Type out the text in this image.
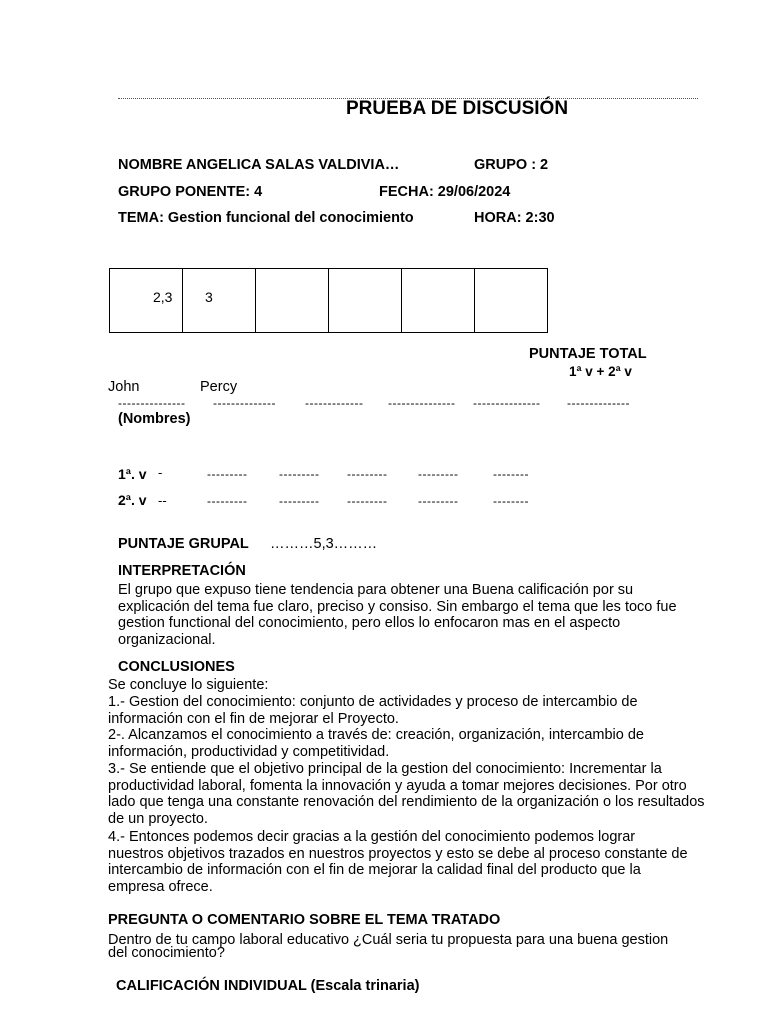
PRUEBA DE DISCUSIÓN
NOMBRE ANGELICA SALAS VALDIVIA…	GRUPO : 2
GRUPO PONENTE: 4	FECHA: 29/06/2024
TEMA: Gestion funcional del conocimiento	HORA: 2:30
2,3 3
PUNTAJE TOTAL
1ª v + 2ª v
John	Percy
--------------- -------------- ------------- --------------- --------------- --------------
(Nombres)
1ª. v -	---------	--------- ---------	---------	--------
2ª. v --	---------	--------- ---------	---------	--------
PUNTAJE GRUPAL ………5,3………
INTERPRETACIÓN
El grupo que expuso tiene tendencia para obtener una Buena calificación por su explicación del tema fue claro, preciso y consiso. Sin embargo el tema que les toco fue gestion functional del conocimiento, pero ellos lo enfocaron mas en el aspecto organizacional.
CONCLUSIONES
Se concluye lo siguiente:
1.- Gestion del conocimiento: conjunto de actividades y proceso de intercambio de información con el fin de mejorar el Proyecto.
2-. Alcanzamos el conocimiento a través de: creación, organización, intercambio de información, productividad y competitividad.
3.- Se entiende que el objetivo principal de la gestion del conocimiento: Incrementar la productividad laboral, fomenta la innovación y ayuda a tomar mejores decisiones. Por otro lado que tenga una constante renovación del rendimiento de la organización o los resultados de un proyecto.
4.- Entonces podemos decir gracias a la gestión del conocimiento podemos lograr nuestros objetivos trazados en nuestros proyectos y esto se debe al proceso constante de intercambio de información con el fin de mejorar la calidad final del producto que la empresa ofrece.
PREGUNTA O COMENTARIO SOBRE EL TEMA TRATADO
Dentro de tu campo laboral educativo ¿Cuál seria tu propuesta para una buena gestion del conocimiento?
CALIFICACIÓN INDIVIDUAL (Escala trinaria)
